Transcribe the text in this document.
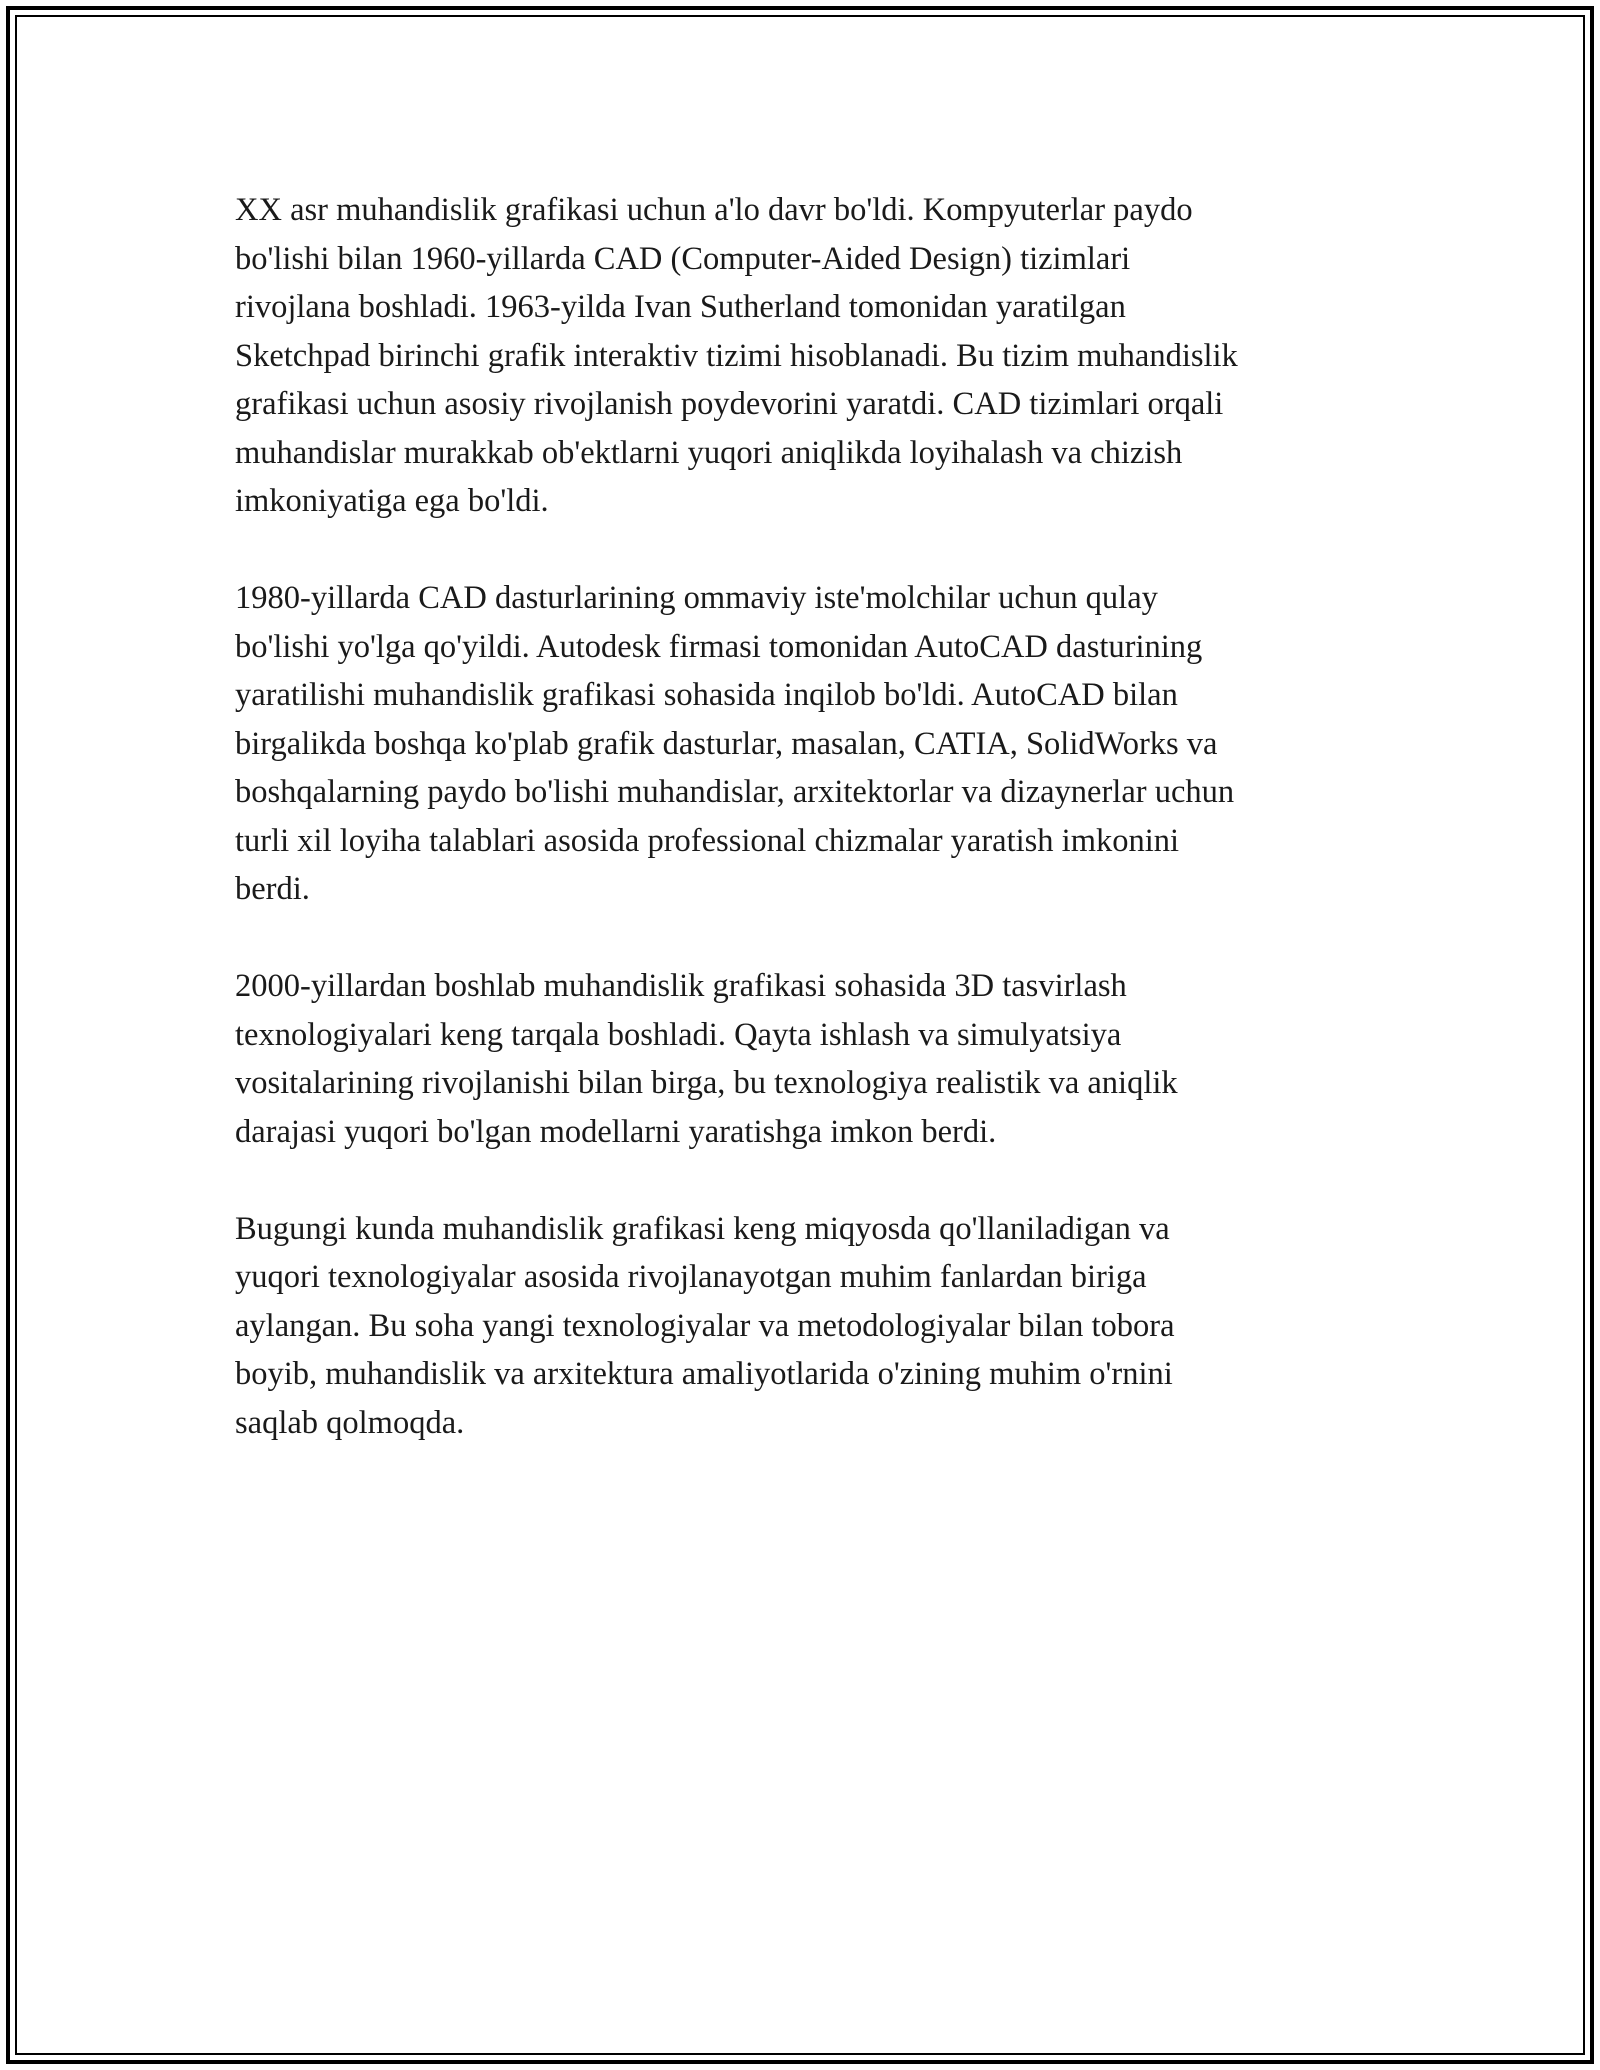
XX asr muhandislik grafikasi uchun a'lo davr bo'ldi. Kompyuterlar paydo
bo'lishi bilan 1960-yillarda CAD (Computer-Aided Design) tizimlari
rivojlana boshladi. 1963-yilda Ivan Sutherland tomonidan yaratilgan
Sketchpad birinchi grafik interaktiv tizimi hisoblanadi. Bu tizim muhandislik
grafikasi uchun asosiy rivojlanish poydevorini yaratdi. CAD tizimlari orqali
muhandislar murakkab ob'ektlarni yuqori aniqlikda loyihalash va chizish
imkoniyatiga ega bo'ldi.

1980-yillarda CAD dasturlarining ommaviy iste'molchilar uchun qulay
bo'lishi yo'lga qo'yildi. Autodesk firmasi tomonidan AutoCAD dasturining
yaratilishi muhandislik grafikasi sohasida inqilob bo'ldi. AutoCAD bilan
birgalikda boshqa ko'plab grafik dasturlar, masalan, CATIA, SolidWorks va
boshqalarning paydo bo'lishi muhandislar, arxitektorlar va dizaynerlar uchun
turli xil loyiha talablari asosida professional chizmalar yaratish imkonini
berdi.

2000-yillardan boshlab muhandislik grafikasi sohasida 3D tasvirlash
texnologiyalari keng tarqala boshladi. Qayta ishlash va simulyatsiya
vositalarining rivojlanishi bilan birga, bu texnologiya realistik va aniqlik
darajasi yuqori bo'lgan modellarni yaratishga imkon berdi.

Bugungi kunda muhandislik grafikasi keng miqyosda qo'llaniladigan va
yuqori texnologiyalar asosida rivojlanayotgan muhim fanlardan biriga
aylangan. Bu soha yangi texnologiyalar va metodologiyalar bilan tobora
boyib, muhandislik va arxitektura amaliyotlarida o'zining muhim o'rnini
saqlab qolmoqda.
